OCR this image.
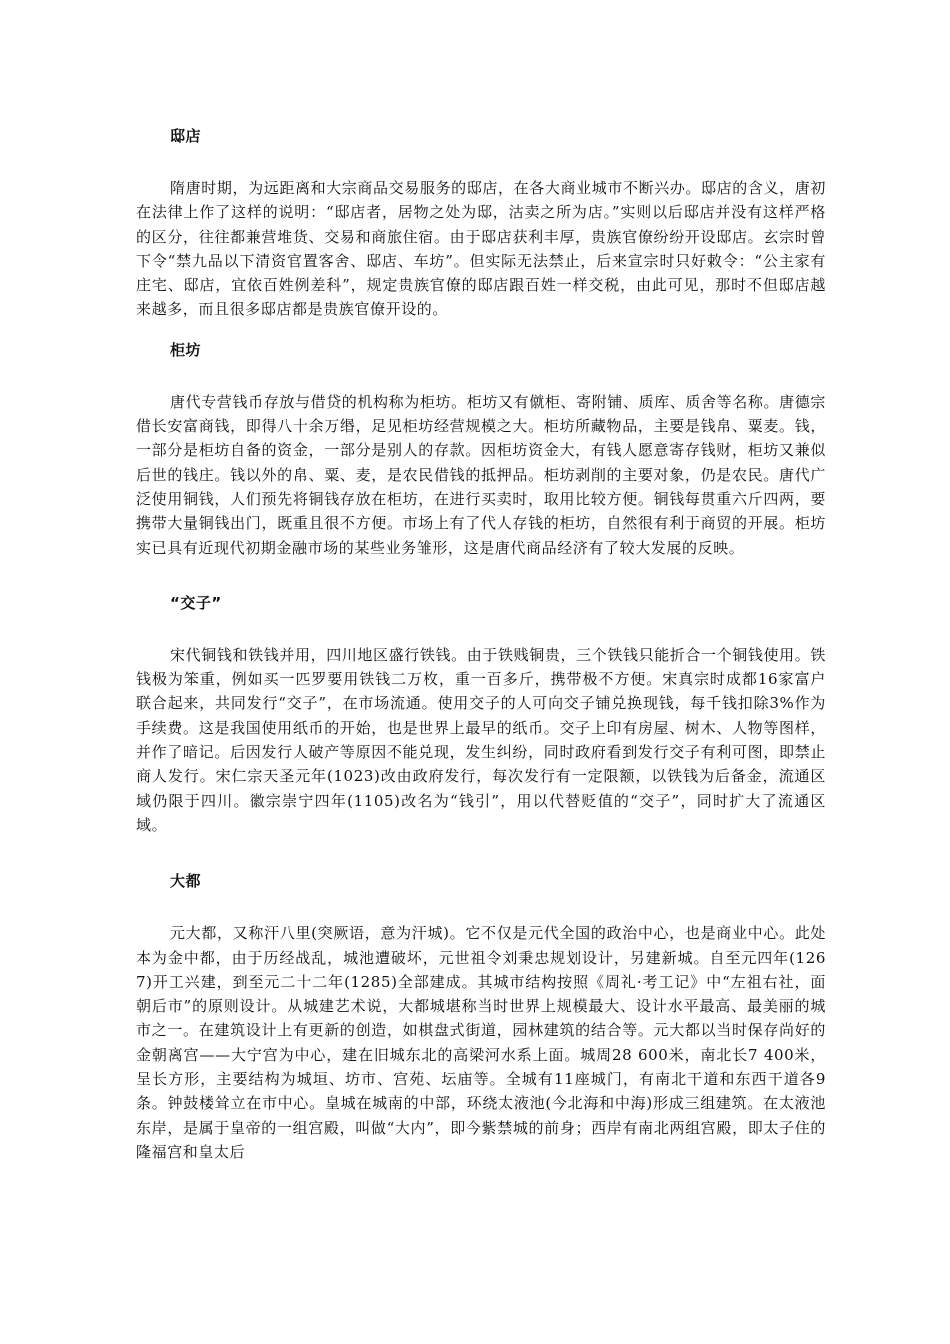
邸店

隋唐时期，为远距离和大宗商品交易服务的邸店，在各大商业城市不断兴办。邸店的含义，唐初在法律上作了这样的说明：“邸店者，居物之处为邸，沽卖之所为店。”实则以后邸店并没有这样严格的区分，往往都兼营堆货、交易和商旅住宿。由于邸店获利丰厚，贵族官僚纷纷开设邸店。玄宗时曾下令“禁九品以下清资官置客舍、邸店、车坊”。但实际无法禁止，后来宣宗时只好敕令：“公主家有庄宅、邸店，宜依百姓例差科”，规定贵族官僚的邸店跟百姓一样交税，由此可见，那时不但邸店越来越多，而且很多邸店都是贵族官僚开设的。

柜坊

唐代专营钱币存放与借贷的机构称为柜坊。柜坊又有僦柜、寄附铺、质库、质舍等名称。唐德宗借长安富商钱，即得八十余万缗，足见柜坊经营规模之大。柜坊所藏物品，主要是钱帛、粟麦。钱，一部分是柜坊自备的资金，一部分是别人的存款。因柜坊资金大，有钱人愿意寄存钱财，柜坊又兼似后世的钱庄。钱以外的帛、粟、麦，是农民借钱的抵押品。柜坊剥削的主要对象，仍是农民。唐代广泛使用铜钱，人们预先将铜钱存放在柜坊，在进行买卖时，取用比较方便。铜钱每贯重六斤四两，要携带大量铜钱出门，既重且很不方便。市场上有了代人存钱的柜坊，自然很有利于商贸的开展。柜坊实已具有近现代初期金融市场的某些业务雏形，这是唐代商品经济有了较大发展的反映。

“交子”

宋代铜钱和铁钱并用，四川地区盛行铁钱。由于铁贱铜贵，三个铁钱只能折合一个铜钱使用。铁钱极为笨重，例如买一匹罗要用铁钱二万枚，重一百多斤，携带极不方便。宋真宗时成都16家富户联合起来，共同发行“交子”，在市场流通。使用交子的人可向交子铺兑换现钱，每千钱扣除3%作为手续费。这是我国使用纸币的开始，也是世界上最早的纸币。交子上印有房屋、树木、人物等图样，并作了暗记。后因发行人破产等原因不能兑现，发生纠纷，同时政府看到发行交子有利可图，即禁止商人发行。宋仁宗天圣元年(1023)改由政府发行，每次发行有一定限额，以铁钱为后备金，流通区域仍限于四川。徽宗崇宁四年(1105)改名为“钱引”，用以代替贬值的“交子”，同时扩大了流通区域。

大都

元大都，又称汗八里(突厥语，意为汗城)。它不仅是元代全国的政治中心，也是商业中心。此处本为金中都，由于历经战乱，城池遭破坏，元世祖令刘秉忠规划设计，另建新城。自至元四年(1267)开工兴建，到至元二十二年(1285)全部建成。其城市结构按照《周礼·考工记》中“左祖右社，面朝后市”的原则设计。从城建艺术说，大都城堪称当时世界上规模最大、设计水平最高、最美丽的城市之一。在建筑设计上有更新的创造，如棋盘式街道，园林建筑的结合等。元大都以当时保存尚好的金朝离宫——大宁宫为中心，建在旧城东北的高梁河水系上面。城周28 600米，南北长7 400米，呈长方形，主要结构为城垣、坊市、宫苑、坛庙等。全城有11座城门，有南北干道和东西干道各9条。钟鼓楼耸立在市中心。皇城在城南的中部，环绕太液池(今北海和中海)形成三组建筑。在太液池东岸，是属于皇帝的一组宫殿，叫做“大内”，即今紫禁城的前身；西岸有南北两组宫殿，即太子住的隆福宫和皇太后
